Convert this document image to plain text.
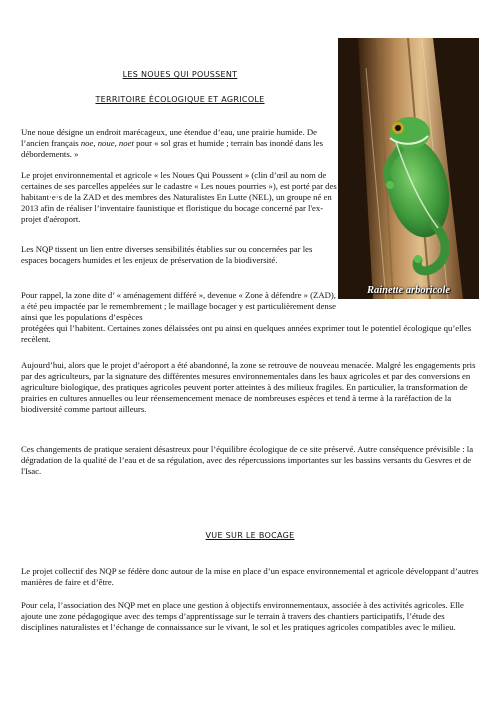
LES NOUES QUI POUSSENT
TERRITOIRE ÉCOLOGIQUE ET AGRICOLE
Rainette arboricole

Une noue désigne un endroit marécageux, une étendue d’eau, une prairie humide. De l’ancien français noe, noue, noet pour « sol gras et humide ; terrain bas inondé dans les débordements. »

Le projet environnemental et agricole « les Noues Qui Poussent » (clin d’œil au nom de certaines de ses parcelles appelées sur le cadastre « Les noues pourries »), est porté par des habitant·e·s de la ZAD et des membres des Naturalistes En Lutte (NEL), un groupe né en 2013 afin de réaliser l’inventaire faunistique et floristique du bocage concerné par l'ex-projet d'aéroport.

Les NQP tissent un lien entre diverses sensibilités établies sur ou concernées par les espaces bocagers humides et les enjeux de préservation de la biodiversité.

Pour rappel, la zone dite d’ « aménagement différé », devenue « Zone à défendre » (ZAD), a été peu impactée par le remembrement ; le maillage bocager y est particulièrement dense ainsi que les populations d’espèces

protégées qui l’habitent. Certaines zones délaissées ont pu ainsi en quelques années exprimer tout le potentiel écologique qu’elles recèlent.

Aujourd’hui, alors que le projet d’aéroport a été abandonné, la zone se retrouve de nouveau menacée. Malgré les engagements pris par des agriculteurs, par la signature des différentes mesures environnementales dans les baux agricoles et par des conversions en agriculture biologique, des pratiques agricoles peuvent porter atteintes à des milieux fragiles. En particulier, la transformation de prairies en cultures annuelles ou leur réensemencement menace de nombreuses espèces et tend à terme à la raréfaction de la biodiversité comme partout ailleurs.

Ces changements de pratique seraient désastreux pour l’équilibre écologique de ce site préservé. Autre conséquence prévisible : la dégradation de la qualité de l’eau et de sa régulation, avec des répercussions importantes sur les bassins versants du Gesvres et de l'Isac.

VUE SUR LE BOCAGE

Le projet collectif des NQP se fédère donc autour de la mise en place d’un espace environnemental et agricole développant d’autres manières de faire et d’être.

Pour cela, l’association des NQP met en place une gestion à objectifs environnementaux, associée à des activités agricoles. Elle ajoute une zone pédagogique avec des temps d’apprentissage sur le terrain à travers des chantiers participatifs, l’étude des disciplines naturalistes et l’échange de connaissance sur le vivant, le sol et les pratiques agricoles compatibles avec le milieu.
